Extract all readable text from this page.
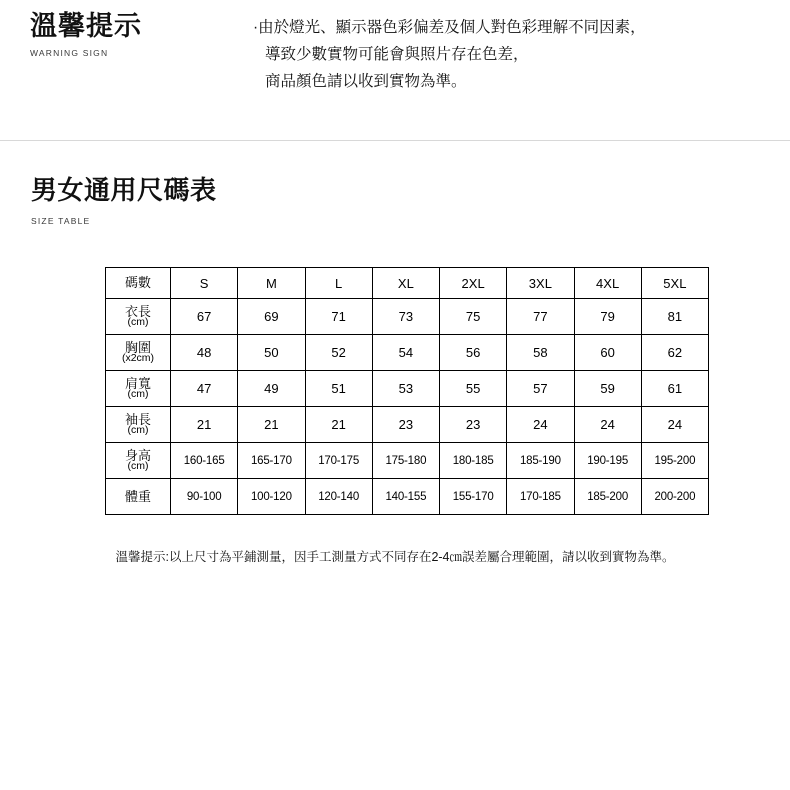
溫馨提示
WARNING SIGN
·由於燈光、顯示器色彩偏差及個人對色彩理解不同因素，
導致少數實物可能會與照片存在色差，
商品顏色請以收到實物為準。
男女通用尺碼表
SIZE TABLE
碼數	S	M	L	XL	2XL	3XL	4XL	5XL

衣長
(cm)	67	69	71	73	75	77	79	81

胸圍
(x2cm)	48	50	52	54	56	58	60	62

肩寬
(cm)	47	49	51	53	55	57	59	61

袖長
(cm)	21	21	21	23	23	24	24	24

身高
(cm)	160-165	165-170	170-175	175-180	180-185	185-190	190-195	195-200

體重	90-100	100-120	120-140	140-155	155-170	170-185	185-200	200-200
溫馨提示:以上尺寸為平鋪測量，因手工測量方式不同存在2-4㎝誤差屬合理範圍，請以收到實物為準。
